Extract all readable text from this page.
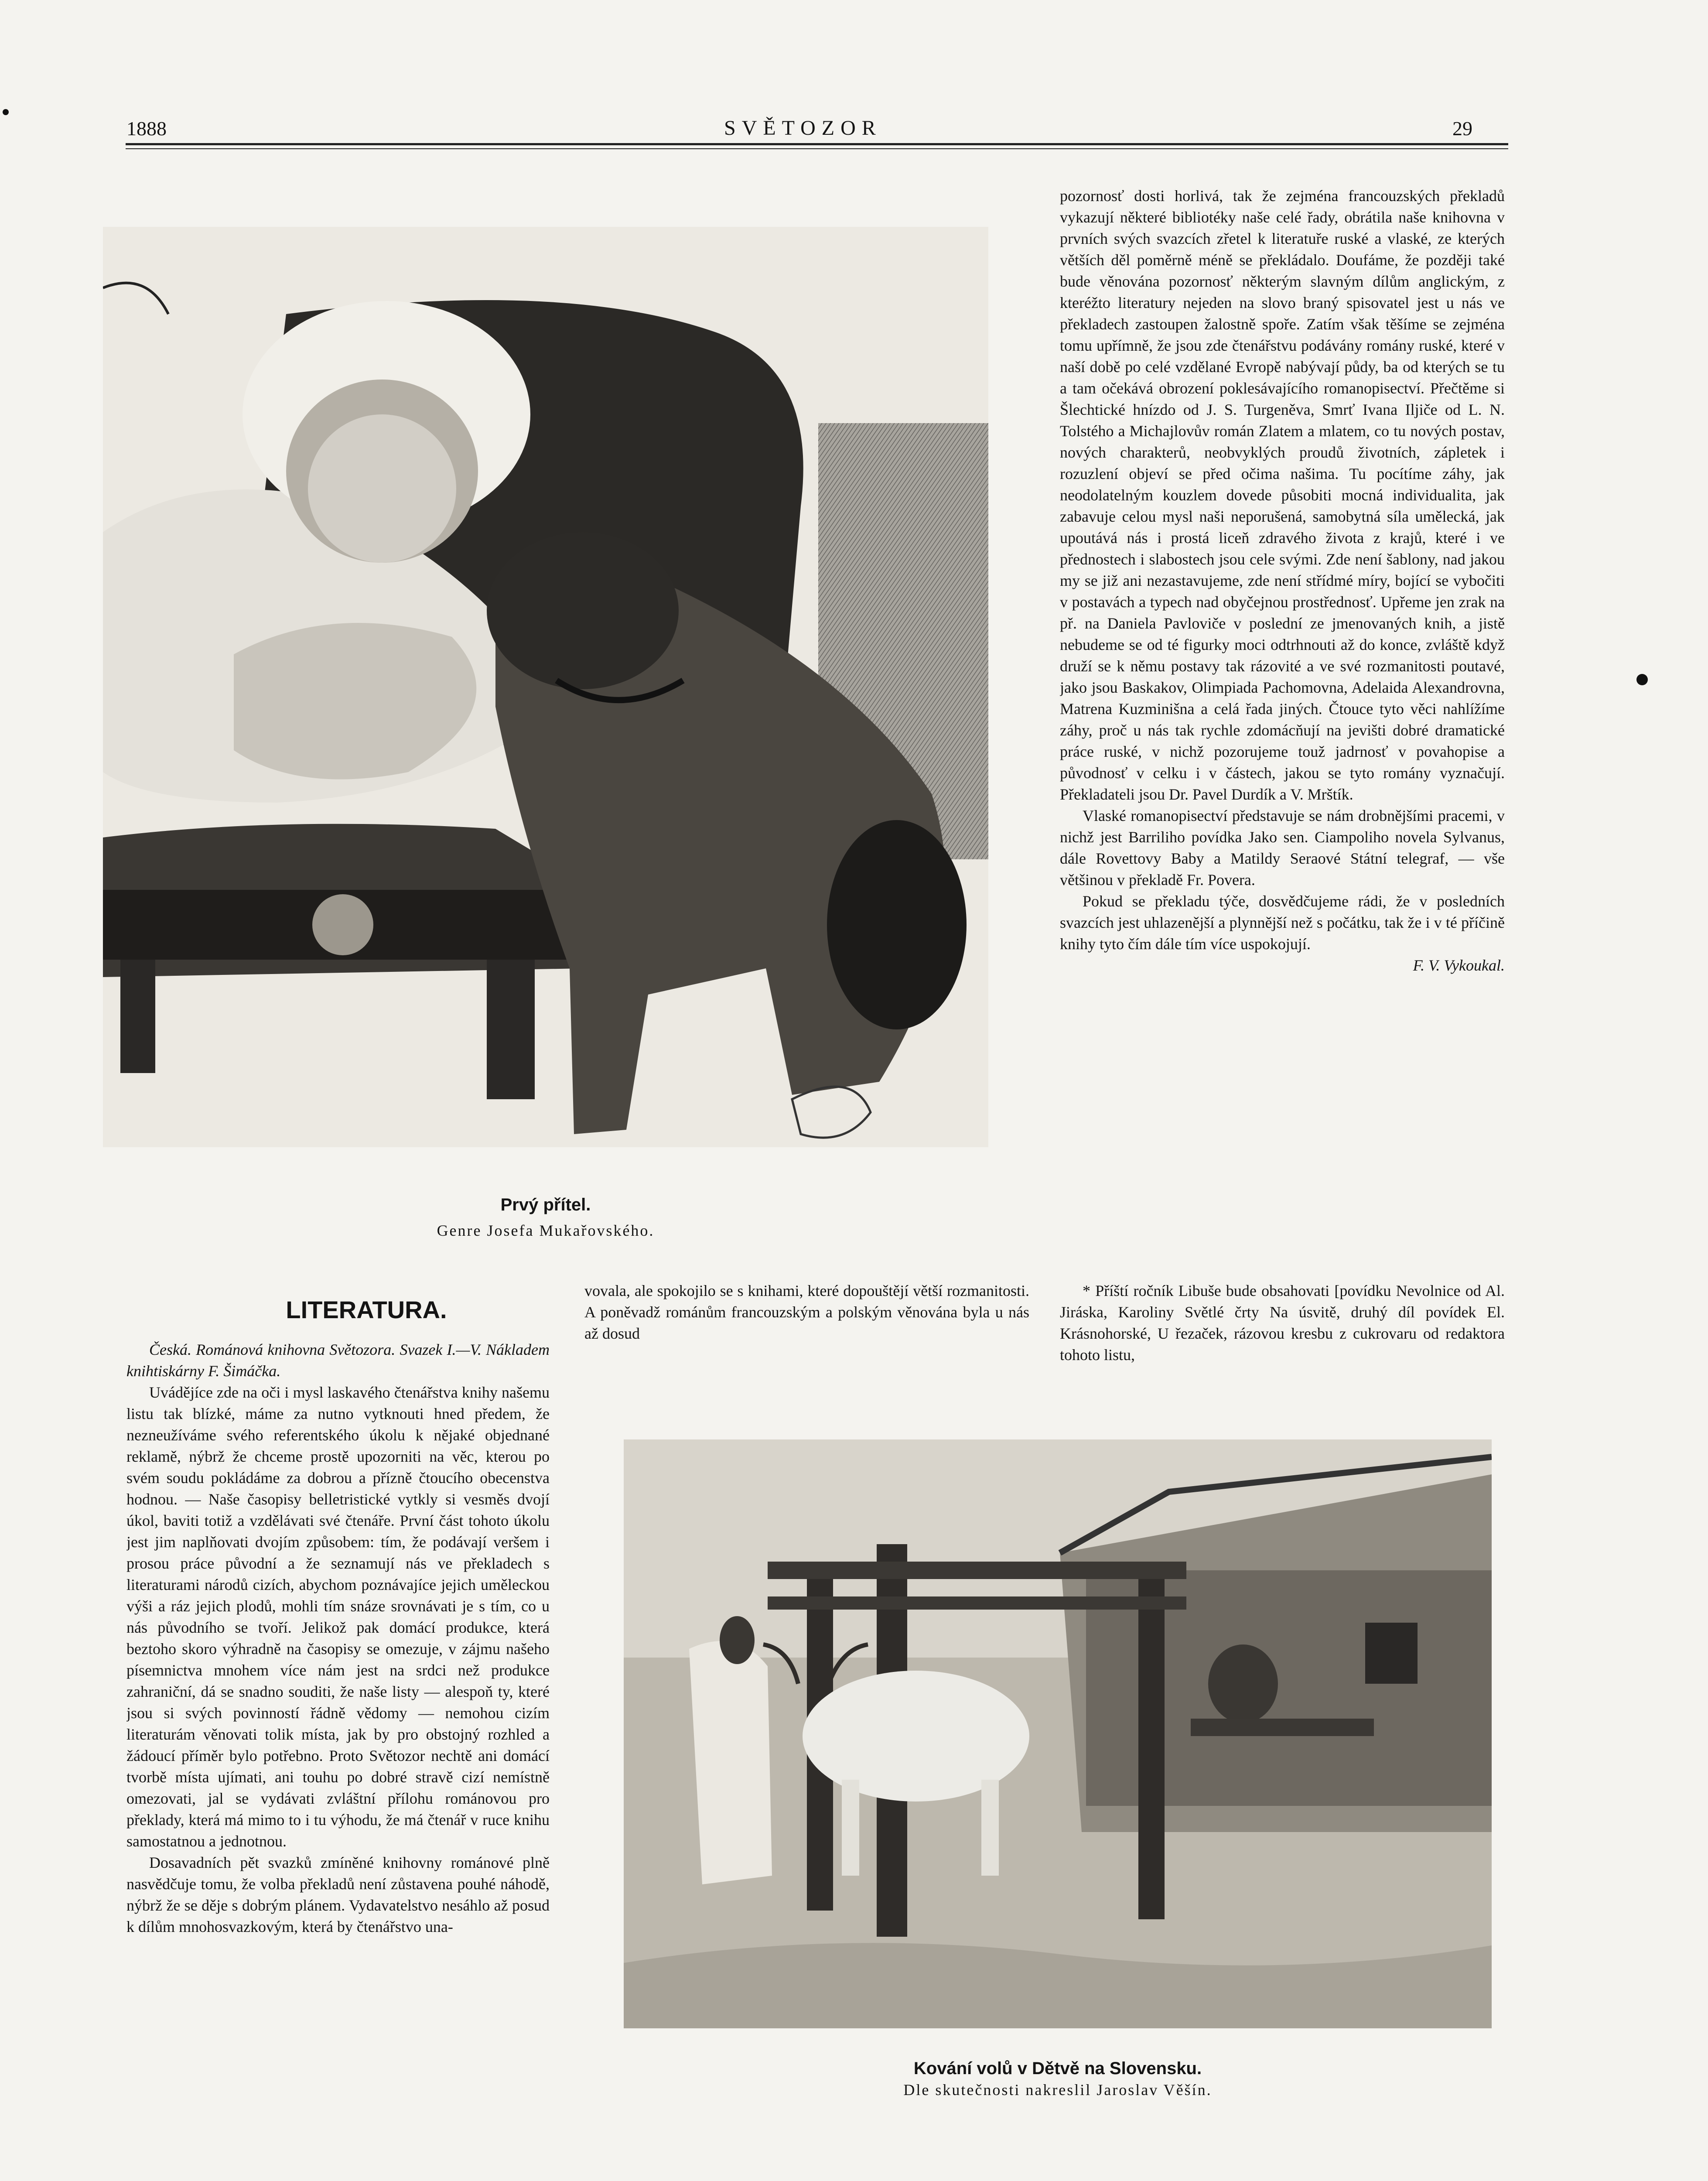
1888	SVĚTOZOR	29
Prvý přítel.
Genre Josefa Mukařovského.

pozornosť dosti horlivá, tak že zejména francouzských překladů vykazují některé bibliotéky naše celé řady, obrátila naše knihovna v prvních svých svazcích zřetel k literatuře ruské a vlaské, ze kterých větších děl poměrně méně se překládalo. Doufáme, že později také bude věnována pozornosť některým slavným dílům anglickým, z kteréžto literatury nejeden na slovo braný spisovatel jest u nás ve překladech zastoupen žalostně spoře. Zatím však těšíme se zejména tomu upřímně, že jsou zde čtenářstvu podávány romány ruské, které v naší době po celé vzdělané Evropě nabývají půdy, ba od kterých se tu a tam očekává obrození poklesávajícího romanopisectví. Přečtěme si Šlechtické hnízdo od J. S. Turgeněva, Smrť Ivana Iljiče od L. N. Tolstého a Michajlovův román Zlatem a mlatem, co tu nových postav, nových charakterů, neobvyklých proudů životních, zápletek i rozuzlení objeví se před očima našima. Tu pocítíme záhy, jak neodolatelným kouzlem dovede působiti mocná individualita, jak zabavuje celou mysl naši neporušená, samobytná síla umělecká, jak upoutává nás i prostá liceň zdravého života z krajů, které i ve přednostech i slabostech jsou cele svými. Zde není šablony, nad jakou my se již ani nezastavujeme, zde není střídmé míry, bojící se vybočiti v postavách a typech nad obyčejnou prostřednosť. Upřeme jen zrak na př. na Daniela Pavloviče v poslední ze jmenovaných knih, a jistě nebudeme se od té figurky moci odtrhnouti až do konce, zvláště když druží se k němu postavy tak rázovité a ve své rozmanitosti poutavé, jako jsou Baskakov, Olimpiada Pachomovna, Adelaida Alexandrovna, Matrena Kuzminišna a celá řada jiných. Čtouce tyto věci nahlížíme záhy, proč u nás tak rychle zdomácňují na jevišti dobré dramatické práce ruské, v nichž pozorujeme touž jadrnosť v povahopise a původnosť v celku i v částech, jakou se tyto romány vyznačují. Překladateli jsou Dr. Pavel Durdík a V. Mrštík.

Vlaské romanopisectví představuje se nám drobnějšími pracemi, v nichž jest Barriliho povídka Jako sen. Ciampoliho novela Sylvanus, dále Rovettovy Baby a Matildy Seraové Státní telegraf, — vše většinou v překladě Fr. Povera.

Pokud se překladu týče, dosvědčujeme rádi, že v posledních svazcích jest uhlazenější a plynnější než s počátku, tak že i v té příčině knihy tyto čím dále tím více uspokojují.

F. V. Vykoukal.

* Příští ročník Libuše bude obsahovati [povídku Nevolnice od Al. Jiráska, Karoliny Světlé črty Na úsvitě, druhý díl povídek El. Krásnohorské, U řezaček, rázovou kresbu z cukrovaru od redaktora tohoto listu,

LITERATURA.

Česká. Románová knihovna Světozora. Svazek I.—V. Nákladem knihtiskárny F. Šimáčka.

Uvádějíce zde na oči i mysl laskavého čtenářstva knihy našemu listu tak blízké, máme za nutno vytknouti hned předem, že nezneužíváme svého referentského úkolu k nějaké objednané reklamě, nýbrž že chceme prostě upozorniti na věc, kterou po svém soudu pokládáme za dobrou a přízně čtoucího obecenstva hodnou. — Naše časopisy belletristické vytkly si vesměs dvojí úkol, baviti totiž a vzdělávati své čtenáře. První část tohoto úkolu jest jim naplňovati dvojím způsobem: tím, že podávají veršem i prosou práce původní a že seznamují nás ve překladech s literaturami národů cizích, abychom poznávajíce jejich uměleckou výši a ráz jejich plodů, mohli tím snáze srovnávati je s tím, co u nás původního se tvoří. Jelikož pak domácí produkce, která beztoho skoro výhradně na časopisy se omezuje, v zájmu našeho písemnictva mnohem více nám jest na srdci než produkce zahraniční, dá se snadno souditi, že naše listy — alespoň ty, které jsou si svých povinností řádně vědomy — nemohou cizím literaturám věnovati tolik místa, jak by pro obstojný rozhled a žádoucí příměr bylo potřebno. Proto Světozor nechtě ani domácí tvorbě místa ujímati, ani touhu po dobré stravě cizí nemístně omezovati, jal se vydávati zvláštní přílohu románovou pro překlady, která má mimo to i tu výhodu, že má čtenář v ruce knihu samostatnou a jednotnou.

Dosavadních pět svazků zmíněné knihovny románové plně nasvědčuje tomu, že volba překladů není zůstavena pouhé náhodě, nýbrž že se děje s dobrým plánem. Vydavatelstvo nesáhlo až posud k dílům mnohosvazkovým, která by čtenářstvo una-

vovala, ale spokojilo se s knihami, které dopouštějí větší rozmanitosti. A poněvadž románům francouzským a polským věnována byla u nás až dosud

Kování volů v Dětvě na Slovensku.
Dle skutečnosti nakreslil Jaroslav Věšín.
